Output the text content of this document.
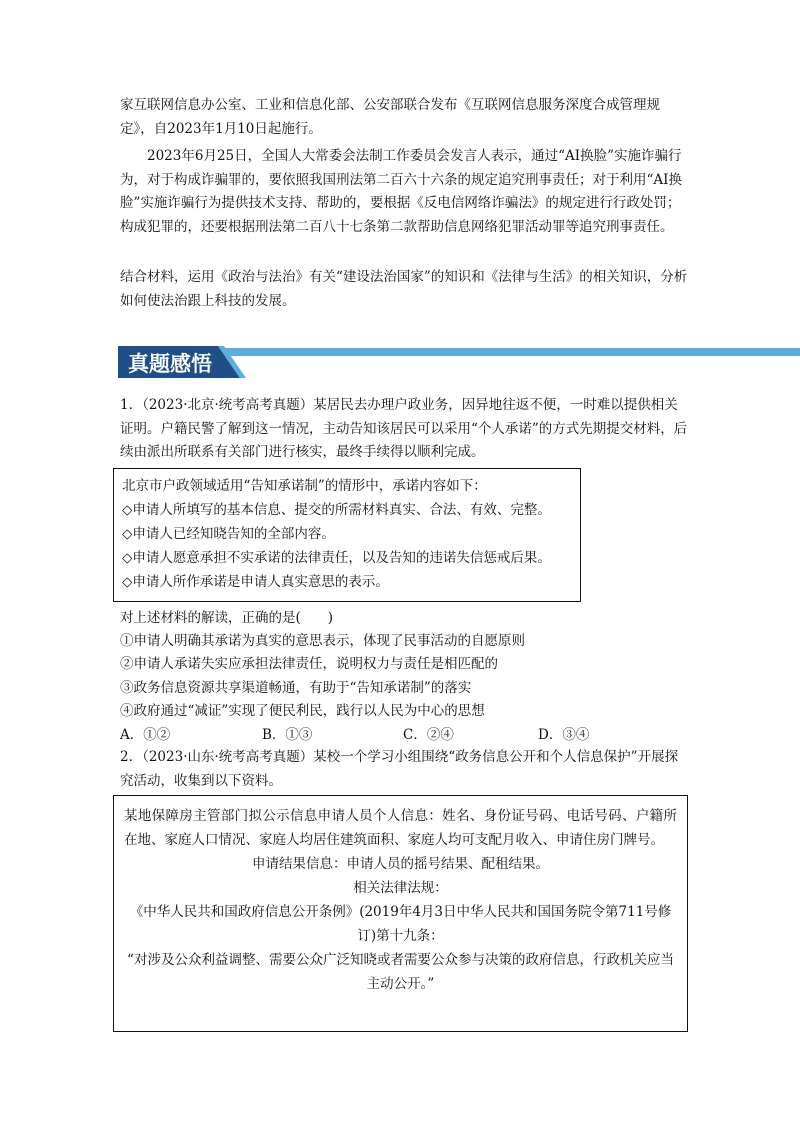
家互联网信息办公室、工业和信息化部、公安部联合发布《互联网信息服务深度合成管理规定》，自2023年1月10日起施行。

2023年6月25日，全国人大常委会法制工作委员会发言人表示，通过“AI换脸”实施诈骗行为，对于构成诈骗罪的，要依照我国刑法第二百六十六条的规定追究刑事责任；对于利用“AI换脸”实施诈骗行为提供技术支持、帮助的，要根据《反电信网络诈骗法》的规定进行行政处罚；构成犯罪的，还要根据刑法第二百八十七条第二款帮助信息网络犯罪活动罪等追究刑事责任。

结合材料，运用《政治与法治》有关“建设法治国家”的知识和《法律与生活》的相关知识，分析如何使法治跟上科技的发展。

真题感悟

1．（2023·北京·统考高考真题）某居民去办理户政业务，因异地往返不便，一时难以提供相关证明。户籍民警了解到这一情况，主动告知该居民可以采用“个人承诺”的方式先期提交材料，后续由派出所联系有关部门进行核实，最终手续得以顺利完成。

北京市户政领域适用“告知承诺制”的情形中，承诺内容如下：
◇申请人所填写的基本信息、提交的所需材料真实、合法、有效、完整。
◇申请人已经知晓告知的全部内容。
◇申请人愿意承担不实承诺的法律责任，以及告知的违诺失信惩戒后果。
◇申请人所作承诺是申请人真实意思的表示。

对上述材料的解读，正确的是(　　)

①申请人明确其承诺为真实的意思表示，体现了民事活动的自愿原则

②申请人承诺失实应承担法律责任，说明权力与责任是相匹配的

③政务信息资源共享渠道畅通，有助于“告知承诺制”的落实

④政府通过“减证”实现了便民利民，践行以人民为中心的思想

A．①②	B．①③	C．②④	D．③④

2．（2023·山东·统考高考真题）某校一个学习小组围绕“政务信息公开和个人信息保护”开展探究活动，收集到以下资料。

某地保障房主管部门拟公示信息申请人员个人信息：姓名、身份证号码、电话号码、户籍所在地、家庭人口情况、家庭人均居住建筑面积、家庭人均可支配月收入、申请住房门牌号。
申请结果信息：申请人员的摇号结果、配租结果。
相关法律法规：
《中华人民共和国政府信息公开条例》(2019年4月3日中华人民共和国国务院令第711号修订)第十九条：
“对涉及公众利益调整、需要公众广泛知晓或者需要公众参与决策的政府信息，行政机关应当主动公开。”
